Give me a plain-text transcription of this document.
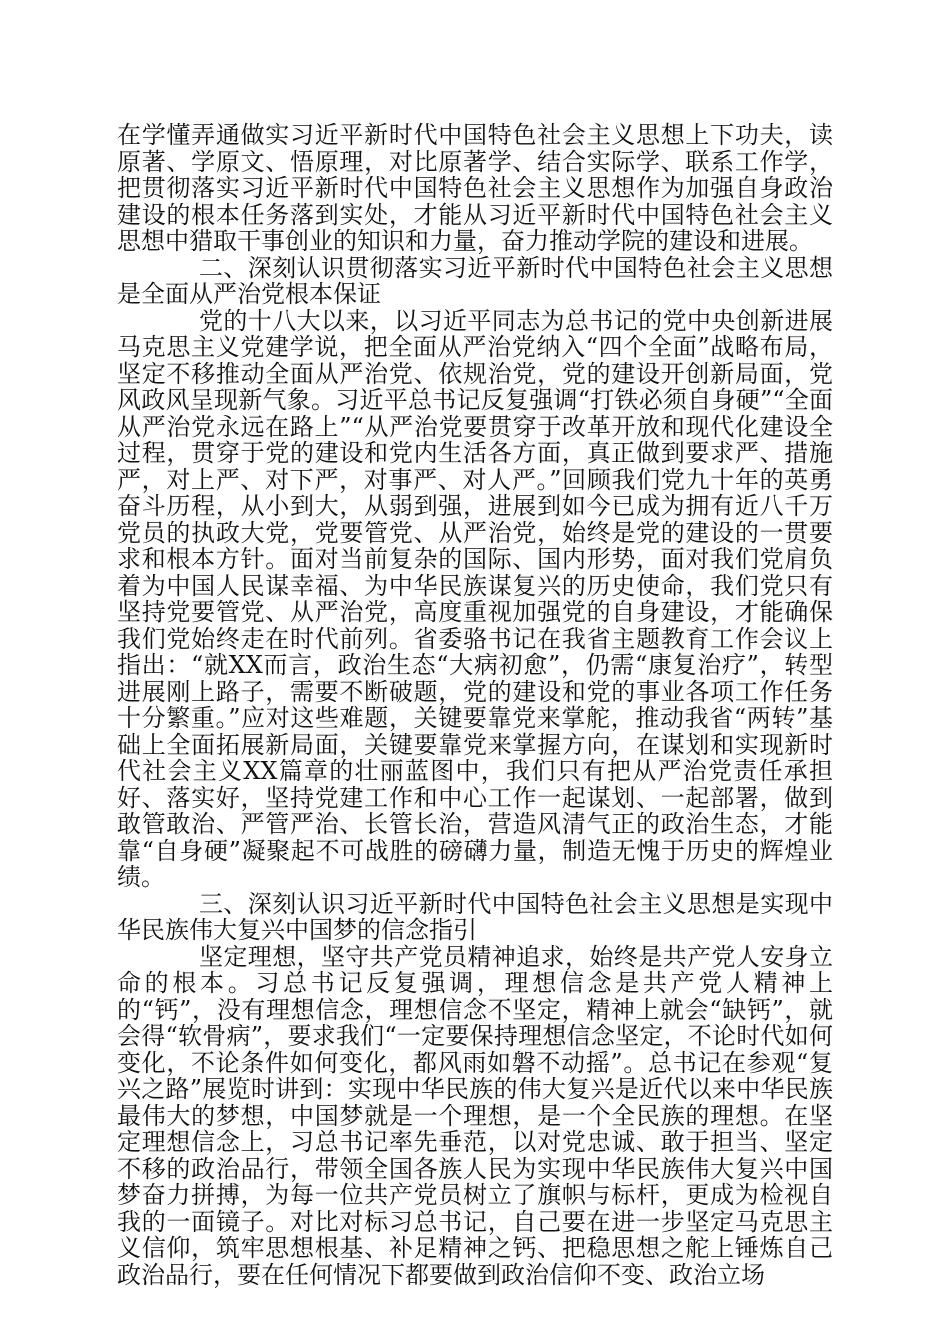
在学懂弄通做实习近平新时代中国特色社会主义思想上下功夫，读原著、学原文、悟原理，对比原著学、结合实际学、联系工作学，把贯彻落实习近平新时代中国特色社会主义思想作为加强自身政治建设的根本任务落到实处，才能从习近平新时代中国特色社会主义思想中猎取干事创业的知识和力量，奋力推动学院的建设和进展。

二、深刻认识贯彻落实习近平新时代中国特色社会主义思想是全面从严治党根本保证

党的十八大以来，以习近平同志为总书记的党中央创新进展马克思主义党建学说，把全面从严治党纳入“四个全面”战略布局，坚定不移推动全面从严治党、依规治党，党的建设开创新局面，党风政风呈现新气象。习近平总书记反复强调“打铁必须自身硬”“全面从严治党永远在路上”“从严治党要贯穿于改革开放和现代化建设全过程，贯穿于党的建设和党内生活各方面，真正做到要求严、措施严，对上严、对下严，对事严、对人严。”回顾我们党九十年的英勇奋斗历程，从小到大，从弱到强，进展到如今已成为拥有近八千万党员的执政大党，党要管党、从严治党，始终是党的建设的一贯要求和根本方针。面对当前复杂的国际、国内形势，面对我们党肩负着为中国人民谋幸福、为中华民族谋复兴的历史使命，我们党只有坚持党要管党、从严治党，高度重视加强党的自身建设，才能确保我们党始终走在时代前列。省委骆书记在我省主题教育工作会议上指出：“就XX而言，政治生态“大病初愈”，仍需“康复治疗”，转型进展刚上路子，需要不断破题，党的建设和党的事业各项工作任务十分繁重。”应对这些难题，关键要靠党来掌舵，推动我省“两转”基础上全面拓展新局面，关键要靠党来掌握方向，在谋划和实现新时代社会主义XX篇章的壮丽蓝图中，我们只有把从严治党责任承担好、落实好，坚持党建工作和中心工作一起谋划、一起部署，做到敢管敢治、严管严治、长管长治，营造风清气正的政治生态，才能靠“自身硬”凝聚起不可战胜的磅礴力量，制造无愧于历史的辉煌业绩。

三、深刻认识习近平新时代中国特色社会主义思想是实现中华民族伟大复兴中国梦的信念指引

坚定理想，坚守共产党员精神追求，始终是共产党人安身立命的根本。习总书记反复强调，理想信念是共产党人精神上的“钙”，没有理想信念，理想信念不坚定，精神上就会“缺钙”，就会得“软骨病”，要求我们“一定要保持理想信念坚定，不论时代如何变化，不论条件如何变化，都风雨如磐不动摇”。总书记在参观“复兴之路”展览时讲到：实现中华民族的伟大复兴是近代以来中华民族最伟大的梦想，中国梦就是一个理想，是一个全民族的理想。在坚定理想信念上，习总书记率先垂范，以对党忠诚、敢于担当、坚定不移的政治品行，带领全国各族人民为实现中华民族伟大复兴中国梦奋力拼搏，为每一位共产党员树立了旗帜与标杆，更成为检视自我的一面镜子。对比对标习总书记，自己要在进一步坚定马克思主义信仰，筑牢思想根基、补足精神之钙、把稳思想之舵上锤炼自己政治品行，要在任何情况下都要做到政治信仰不变、政治立场
